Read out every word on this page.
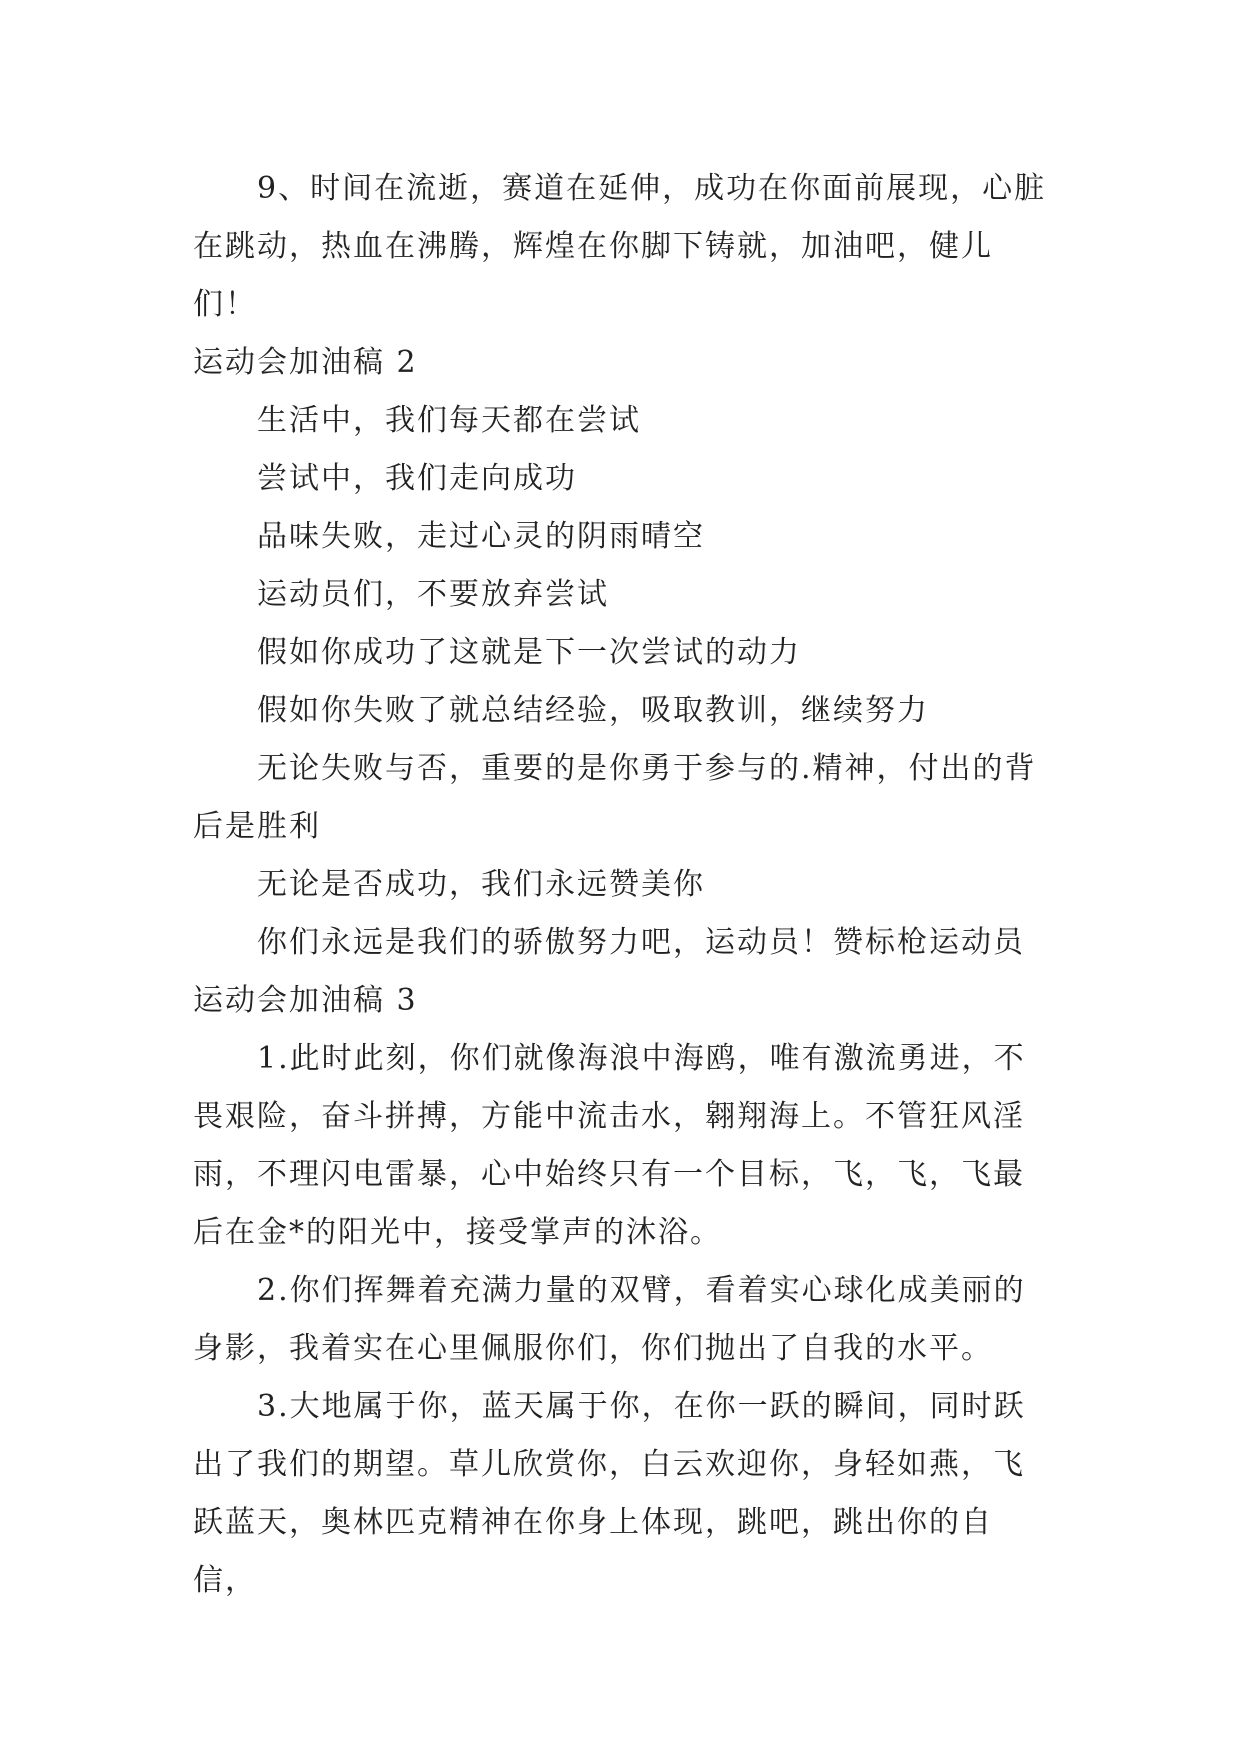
9、时间在流逝，赛道在延伸，成功在你面前展现，心脏在跳动，热血在沸腾，辉煌在你脚下铸就，加油吧，健儿们！

运动会加油稿 2

生活中，我们每天都在尝试

尝试中，我们走向成功

品味失败，走过心灵的阴雨晴空

运动员们，不要放弃尝试

假如你成功了这就是下一次尝试的动力

假如你失败了就总结经验，吸取教训，继续努力

无论失败与否，重要的是你勇于参与的.精神，付出的背后是胜利

无论是否成功，我们永远赞美你

你们永远是我们的骄傲努力吧，运动员！赞标枪运动员

运动会加油稿 3

1.此时此刻，你们就像海浪中海鸥，唯有激流勇进，不畏艰险，奋斗拼搏，方能中流击水，翱翔海上。不管狂风淫雨，不理闪电雷暴，心中始终只有一个目标，飞，飞，飞最后在金*的阳光中，接受掌声的沐浴。

2.你们挥舞着充满力量的双臂，看着实心球化成美丽的身影，我着实在心里佩服你们，你们抛出了自我的水平。

3.大地属于你，蓝天属于你，在你一跃的瞬间，同时跃出了我们的期望。草儿欣赏你，白云欢迎你，身轻如燕，飞跃蓝天，奥林匹克精神在你身上体现，跳吧，跳出你的自信，
